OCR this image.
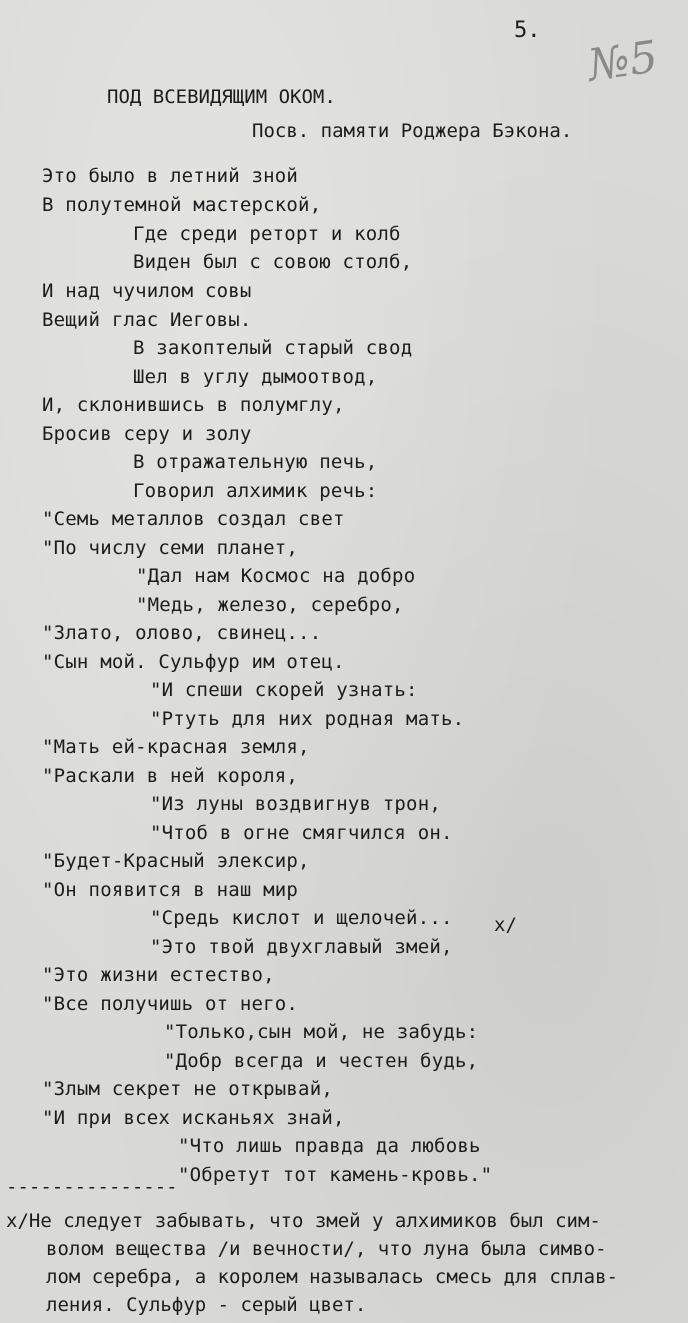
5.
№5
ПОД ВСЕВИДЯЩИМ ОКОМ.
Посв. памяти Роджера Бэкона.
Это было в летний зной
В полутемной мастерской,
Где среди реторт и колб
Виден был с совою столб,
И над чучилом совы
Вещий глас Иеговы.
В закоптелый старый свод
Шел в углу дымоотвод,
И, склонившись в полумглу,
Бросив серу и золу
В отражательную печь,
Говорил алхимик речь:
"Семь металлов создал свет
"По числу семи планет,
"Дал нам Космос на добро
"Медь, железо, серебро,
"Злато, олово, свинец...
"Сын мой. Сульфур им отец.
"И спеши скорей узнать:
"Ртуть для них родная мать.
"Мать ей-красная земля,
"Раскали в ней короля,
"Из луны воздвигнув трон,
"Чтоб в огне смягчился он.
"Будет-Красный элексир,
"Он появится в наш мир
"Средь кислот и щелочей...
"Это твой двухглавый змей,
"Это жизни естество,
"Все получишь от него.
"Только,сын мой, не забудь:
"Добр всегда и честен будь,
"Злым секрет не открывай,
"И при всех исканьях знай,
"Что лишь правда да любовь
"Обретут тот камень-кровь."
х/
---------------
х/Не следует забывать, что змей у алхимиков был сим-
волом вещества /и вечности/, что луна была симво-
лом серебра, а королем называлась смесь для сплав-
ления. Сульфур - серый цвет.
